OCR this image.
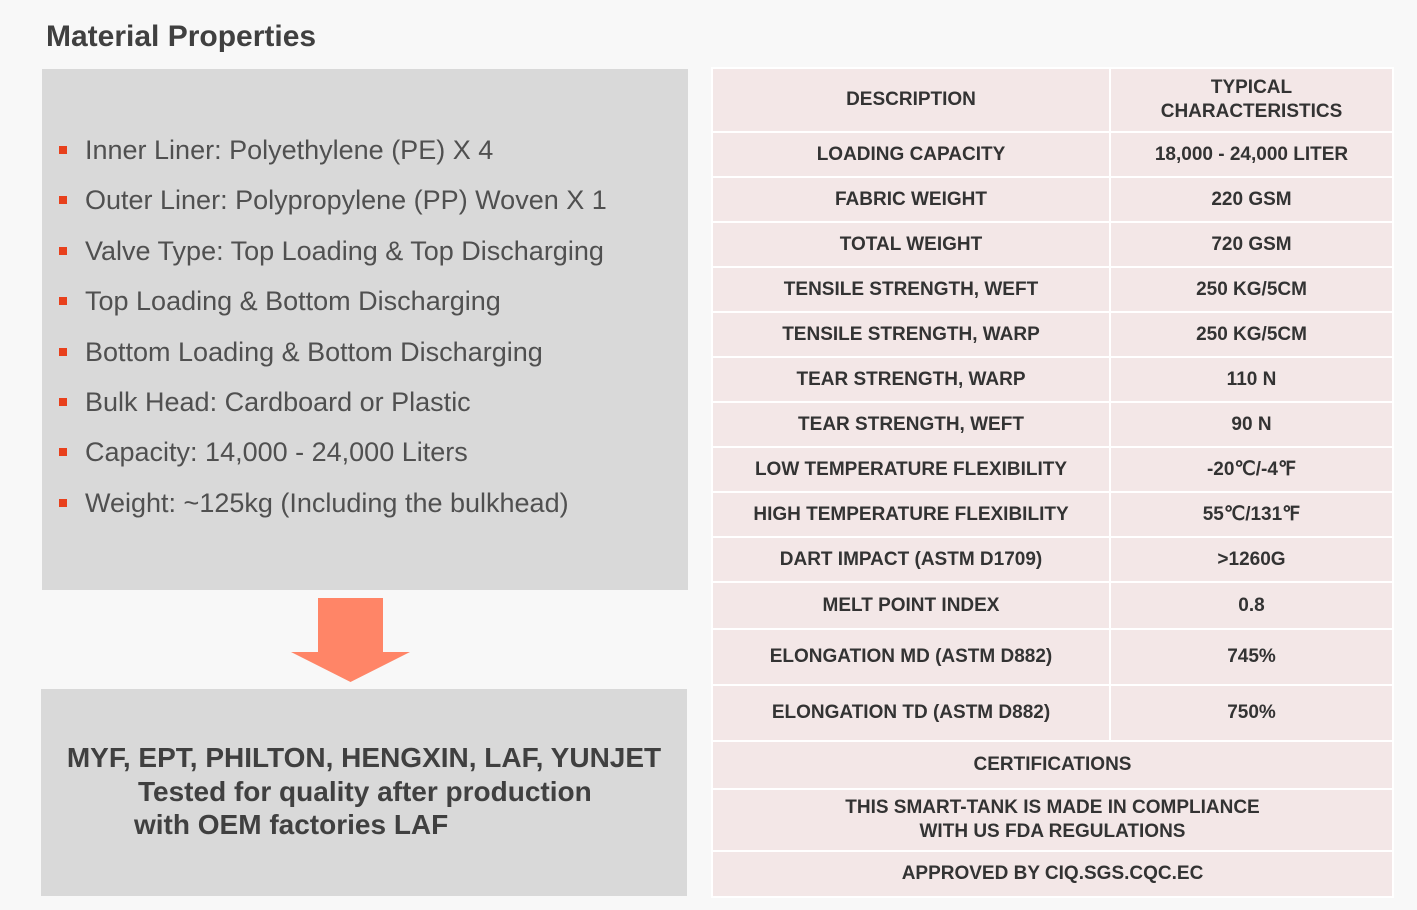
Material Properties
Inner Liner: Polyethylene (PE) X 4
Outer Liner: Polypropylene (PP) Woven X 1
Valve Type: Top Loading & Top Discharging
Top Loading & Bottom Discharging
Bottom Loading & Bottom Discharging
Bulk Head: Cardboard or Plastic
Capacity: 14,000 - 24,000 Liters
Weight: ~125kg (Including the bulkhead)
MYF, EPT, PHILTON, HENGXIN, LAF, YUNJET
Tested for quality after production
with OEM factories LAF
DESCRIPTION	TYPICAL CHARACTERISTICS
LOADING CAPACITY	18,000 - 24,000 LITER
FABRIC WEIGHT	220 GSM
TOTAL WEIGHT	720 GSM
TENSILE STRENGTH, WEFT	250 KG/5CM
TENSILE STRENGTH, WARP	250 KG/5CM
TEAR STRENGTH, WARP	110 N
TEAR STRENGTH, WEFT	90 N
LOW TEMPERATURE FLEXIBILITY	-20℃/-4℉
HIGH TEMPERATURE FLEXIBILITY	55℃/131℉
DART IMPACT (ASTM D1709)	>1260G
MELT POINT INDEX	0.8
ELONGATION MD (ASTM D882)	745%
ELONGATION TD (ASTM D882)	750%
CERTIFICATIONS	

THIS SMART-TANK IS MADE IN COMPLIANCE
WITH US FDA REGULATIONS	

APPROVED BY CIQ.SGS.CQC.EC	
